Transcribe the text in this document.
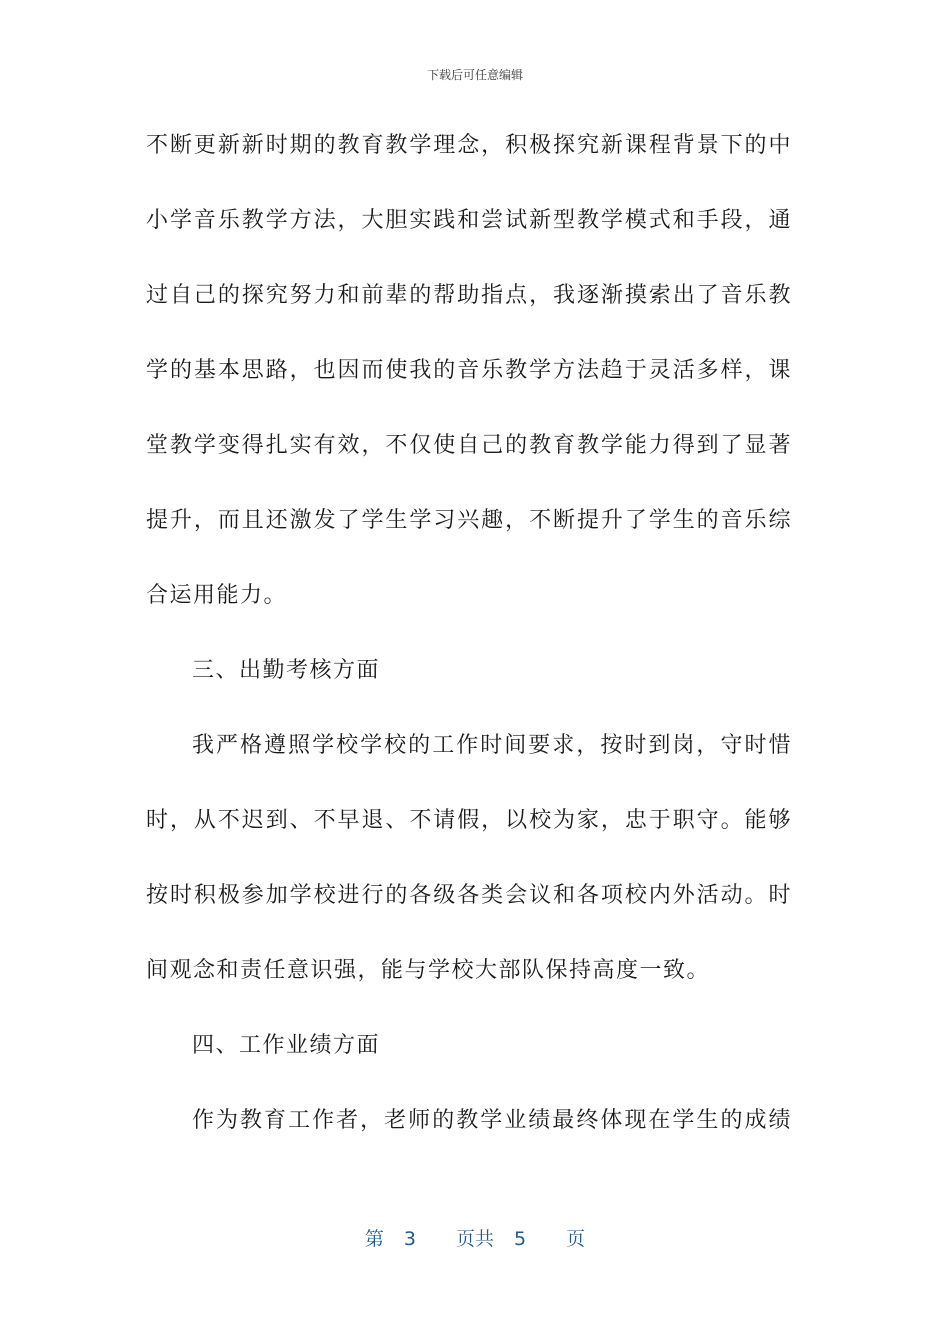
下载后可任意编辑
不断更新新时期的教育教学理念，积极探究新课程背景下的中
小学音乐教学方法，大胆实践和尝试新型教学模式和手段，通
过自己的探究努力和前辈的帮助指点，我逐渐摸索出了音乐教
学的基本思路，也因而使我的音乐教学方法趋于灵活多样，课
堂教学变得扎实有效，不仅使自己的教育教学能力得到了显著
提升，而且还激发了学生学习兴趣，不断提升了学生的音乐综
合运用能力。
三、出勤考核方面
我严格遵照学校学校的工作时间要求，按时到岗，守时惜
时，从不迟到、不早退、不请假，以校为家，忠于职守。能够
按时积极参加学校进行的各级各类会议和各项校内外活动。时
间观念和责任意识强，能与学校大部队保持高度一致。
四、工作业绩方面
作为教育工作者，老师的教学业绩最终体现在学生的成绩
第 3 页共 5 页
